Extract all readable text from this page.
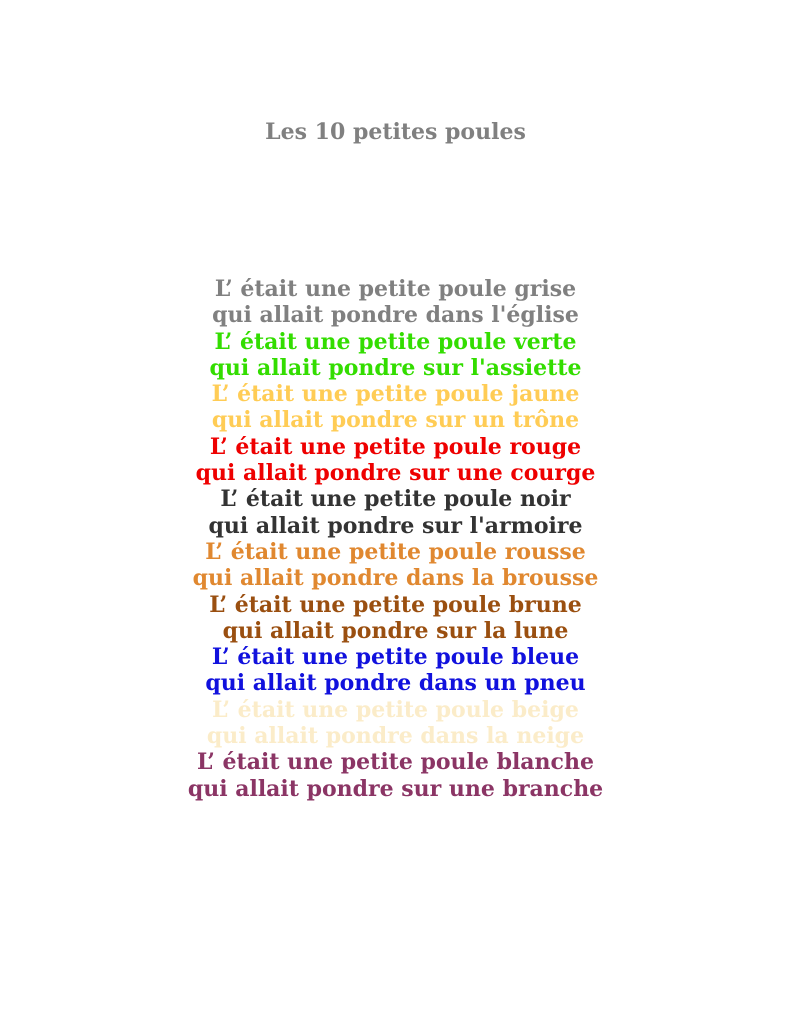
Les 10 petites poules
L’ était une petite poule grise
qui allait pondre dans l'église
L’ était une petite poule verte
qui allait pondre sur l'assiette
L’ était une petite poule jaune
qui allait pondre sur un trône
L’ était une petite poule rouge
qui allait pondre sur une courge
L’ était une petite poule noir
qui allait pondre sur l'armoire
L’ était une petite poule rousse
qui allait pondre dans la brousse
L’ était une petite poule brune
qui allait pondre sur la lune
L’ était une petite poule bleue
qui allait pondre dans un pneu
L’ était une petite poule beige
qui allait pondre dans la neige
L’ était une petite poule blanche
qui allait pondre sur une branche
